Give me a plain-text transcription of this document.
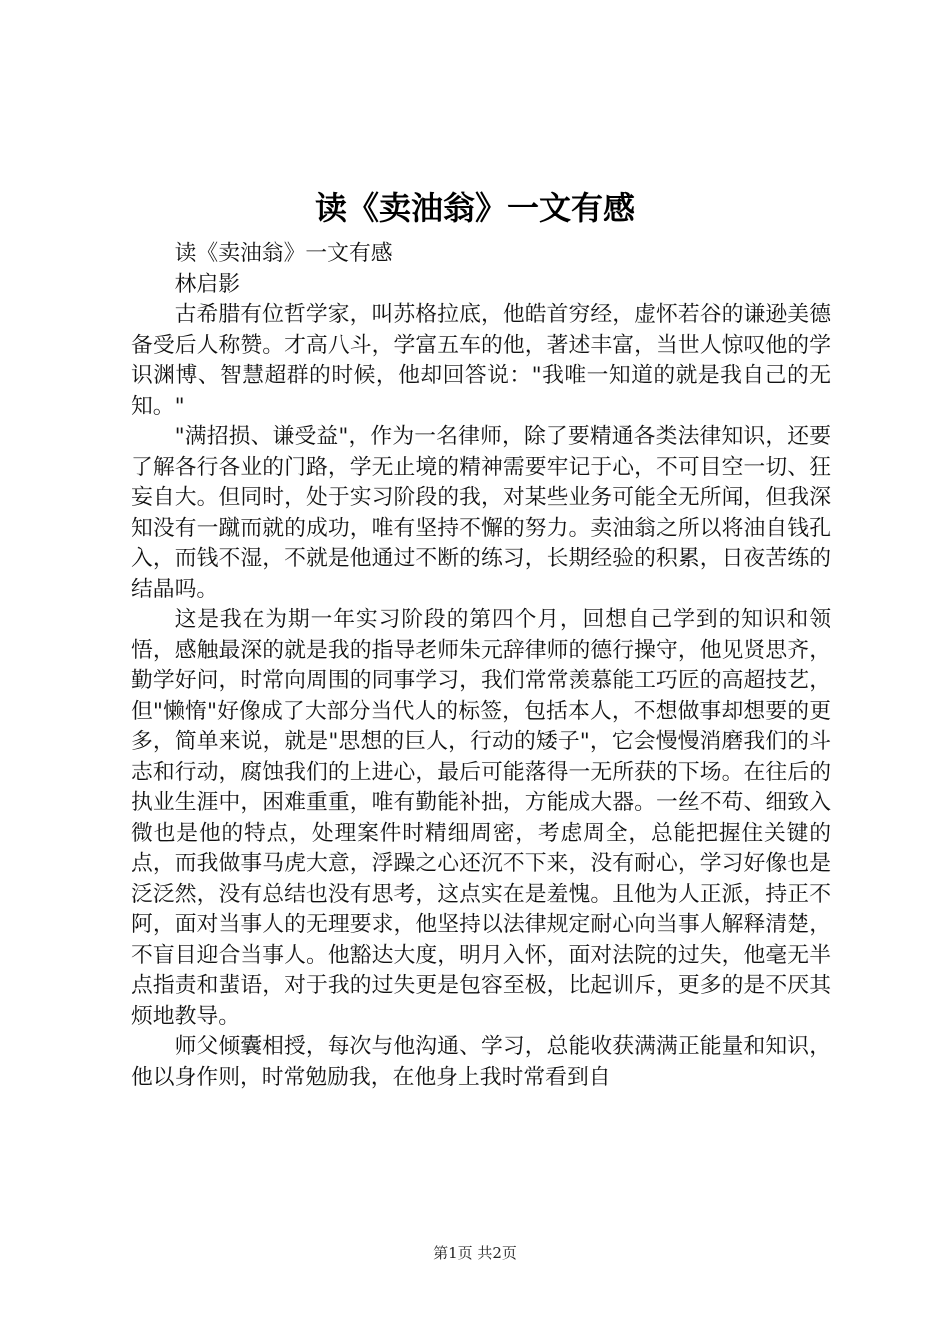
读《卖油翁》一文有感

读《卖油翁》一文有感

林启影

古希腊有位哲学家，叫苏格拉底，他皓首穷经，虚怀若谷的谦逊美德备受后人称赞。才高八斗，学富五车的他，著述丰富，当世人惊叹他的学识渊博、智慧超群的时候，他却回答说："我唯一知道的就是我自己的无知。"

"满招损、谦受益"，作为一名律师，除了要精通各类法律知识，还要了解各行各业的门路，学无止境的精神需要牢记于心，不可目空一切、狂妄自大。但同时，处于实习阶段的我，对某些业务可能全无所闻，但我深知没有一蹴而就的成功，唯有坚持不懈的努力。卖油翁之所以将油自钱孔入，而钱不湿，不就是他通过不断的练习，长期经验的积累，日夜苦练的结晶吗。

这是我在为期一年实习阶段的第四个月，回想自己学到的知识和领悟，感触最深的就是我的指导老师朱元辞律师的德行操守，他见贤思齐，勤学好问，时常向周围的同事学习，我们常常羡慕能工巧匠的高超技艺，但"懒惰"好像成了大部分当代人的标签，包括本人，不想做事却想要的更多，简单来说，就是"思想的巨人，行动的矮子"，它会慢慢消磨我们的斗志和行动，腐蚀我们的上进心，最后可能落得一无所获的下场。在往后的执业生涯中，困难重重，唯有勤能补拙，方能成大器。一丝不苟、细致入微也是他的特点，处理案件时精细周密，考虑周全，总能把握住关键的点，而我做事马虎大意，浮躁之心还沉不下来，没有耐心，学习好像也是泛泛然，没有总结也没有思考，这点实在是羞愧。且他为人正派，持正不阿，面对当事人的无理要求，他坚持以法律规定耐心向当事人解释清楚，不盲目迎合当事人。他豁达大度，明月入怀，面对法院的过失，他毫无半点指责和蜚语，对于我的过失更是包容至极，比起训斥，更多的是不厌其烦地教导。

师父倾囊相授，每次与他沟通、学习，总能收获满满正能量和知识，他以身作则，时常勉励我，在他身上我时常看到自

第1页 共2页
